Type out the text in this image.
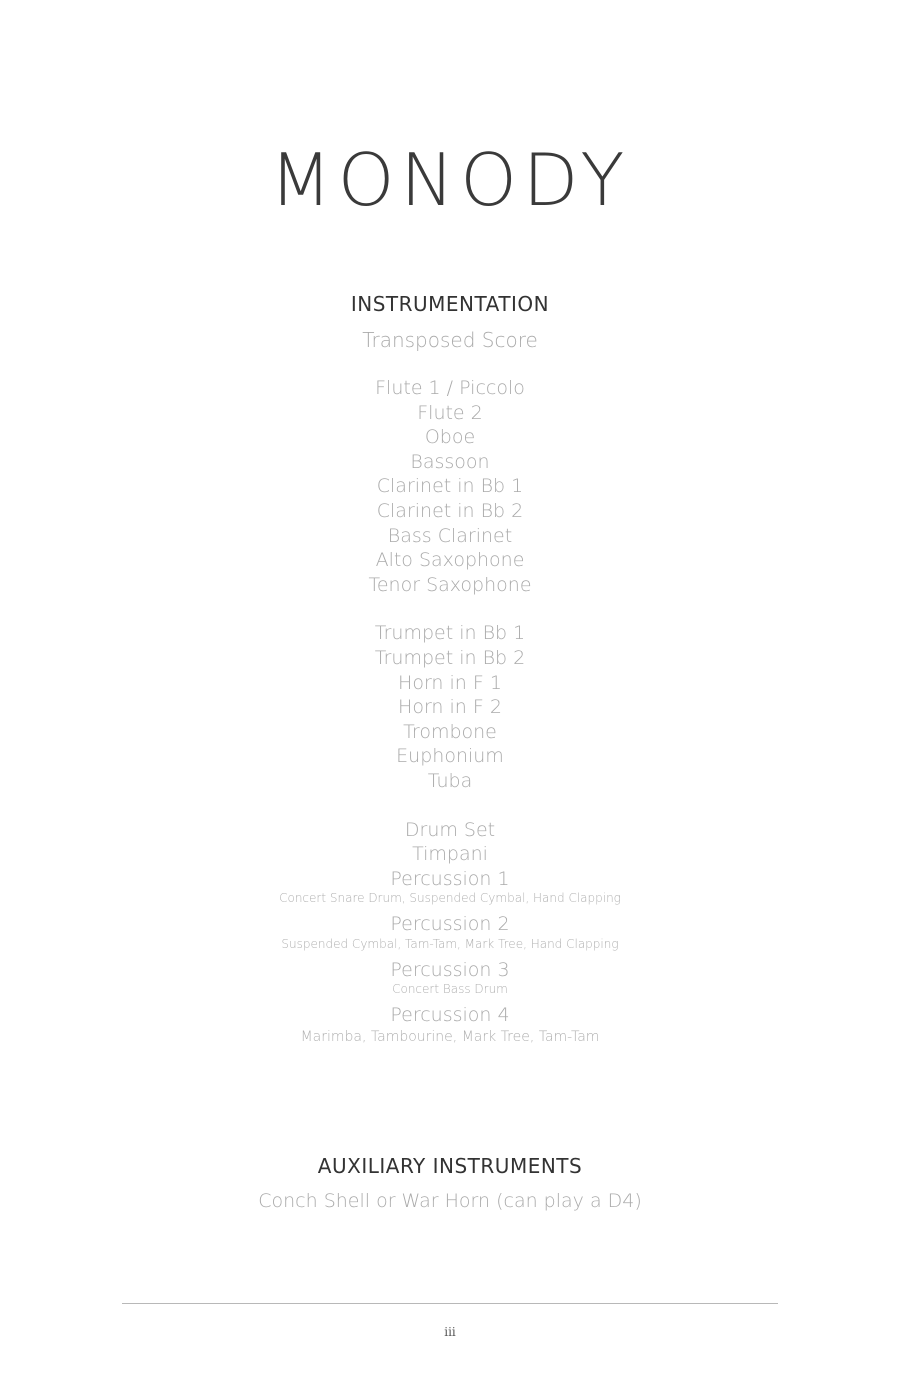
MONODY
INSTRUMENTATION
Transposed Score
Flute 1 / Piccolo
Flute 2
Oboe
Bassoon
Clarinet in Bb 1
Clarinet in Bb 2
Bass Clarinet
Alto Saxophone
Tenor Saxophone
Trumpet in Bb 1
Trumpet in Bb 2
Horn in F 1
Horn in F 2
Trombone
Euphonium
Tuba
Drum Set
Timpani
Percussion 1
Concert Snare Drum, Suspended Cymbal, Hand Clapping
Percussion 2
Suspended Cymbal, Tam-Tam, Mark Tree, Hand Clapping
Percussion 3
Concert Bass Drum
Percussion 4
Marimba, Tambourine, Mark Tree, Tam-Tam
AUXILIARY INSTRUMENTS
Conch Shell or War Horn (can play a D4)
iii
